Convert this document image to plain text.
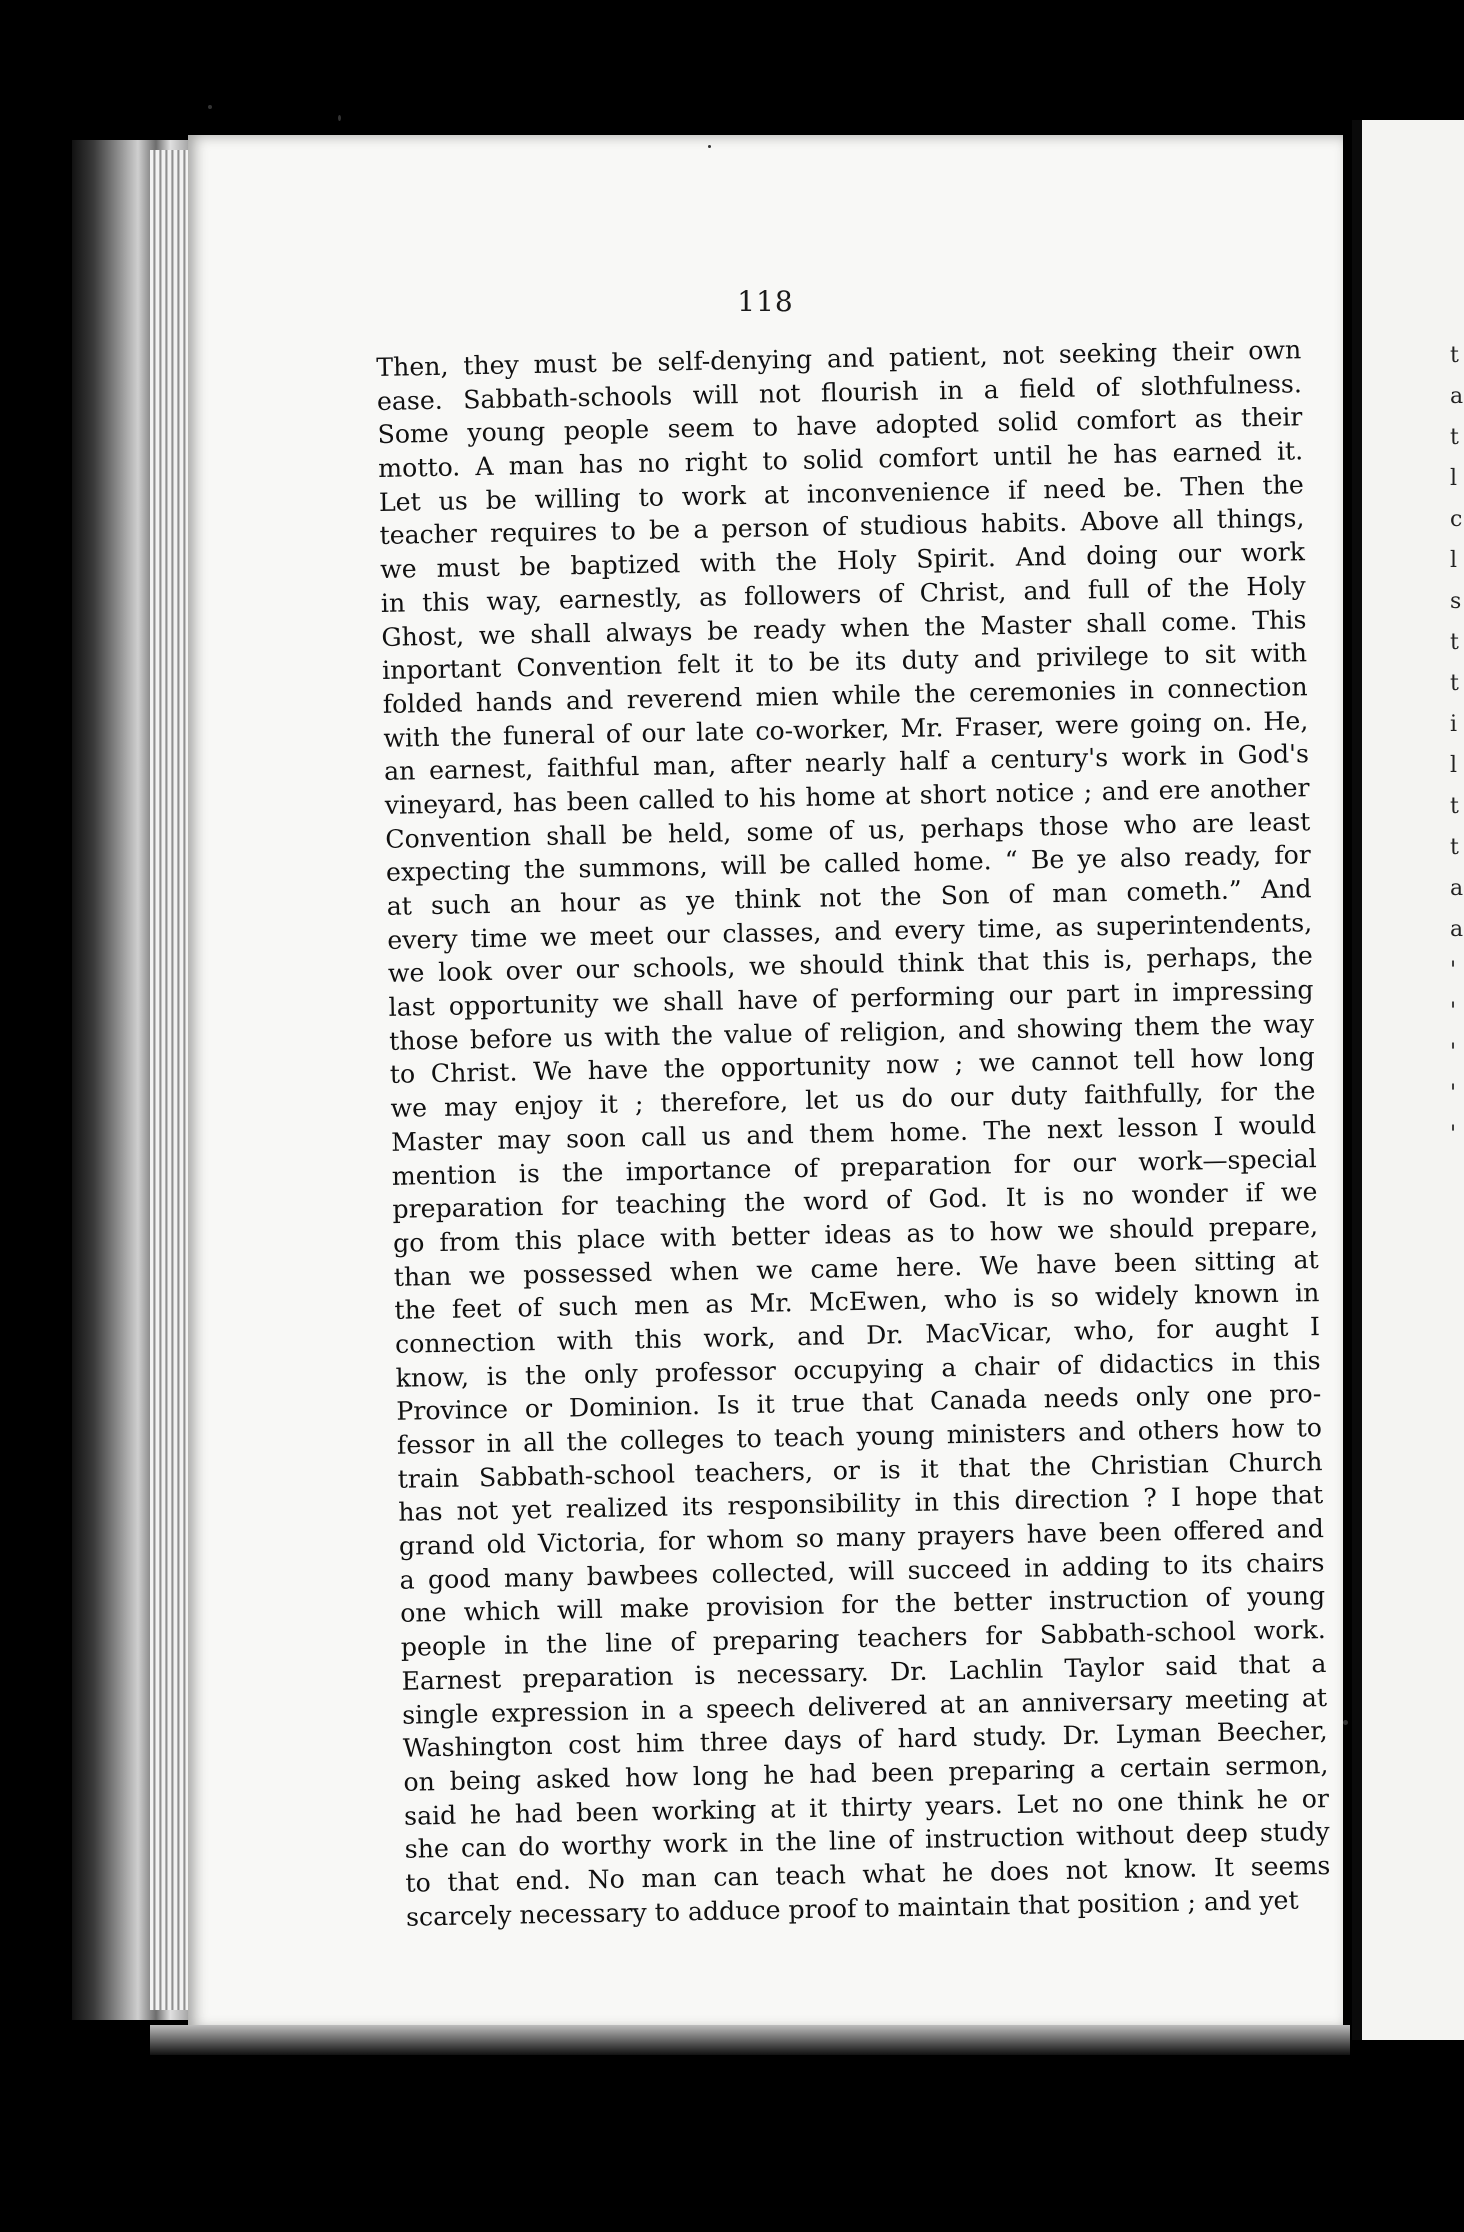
t
a
t
l
c
l
s
t
t
i
l
t
t
a
a
'
'
'
'
'
118
Then, they must be self-denying and patient, not seeking their own
ease. Sabbath-schools will not flourish in a field of slothfulness.
Some young people seem to have adopted solid comfort as their
motto. A man has no right to solid comfort until he has earned it.
Let us be willing to work at inconvenience if need be. Then the
teacher requires to be a person of studious habits. Above all things,
we must be baptized with the Holy Spirit. And doing our work
in this way, earnestly, as followers of Christ, and full of the Holy
Ghost, we shall always be ready when the Master shall come. This
inportant Convention felt it to be its duty and privilege to sit with
folded hands and reverend mien while the ceremonies in connection
with the funeral of our late co-worker, Mr. Fraser, were going on. He,
an earnest, faithful man, after nearly half a century's work in God's
vineyard, has been called to his home at short notice ; and ere another
Convention shall be held, some of us, perhaps those who are least
expecting the summons, will be called home. “ Be ye also ready, for
at such an hour as ye think not the Son of man cometh.” And
every time we meet our classes, and every time, as superintendents,
we look over our schools, we should think that this is, perhaps, the
last opportunity we shall have of performing our part in impressing
those before us with the value of religion, and showing them the way
to Christ. We have the opportunity now ; we cannot tell how long
we may enjoy it ; therefore, let us do our duty faithfully, for the
Master may soon call us and them home. The next lesson I would
mention is the importance of preparation for our work—special
preparation for teaching the word of God. It is no wonder if we
go from this place with better ideas as to how we should prepare,
than we possessed when we came here. We have been sitting at
the feet of such men as Mr. McEwen, who is so widely known in
connection with this work, and Dr. MacVicar, who, for aught I
know, is the only professor occupying a chair of didactics in this
Province or Dominion. Is it true that Canada needs only one pro-
fessor in all the colleges to teach young ministers and others how to
train Sabbath-school teachers, or is it that the Christian Church
has not yet realized its responsibility in this direction ? I hope that
grand old Victoria, for whom so many prayers have been offered and
a good many bawbees collected, will succeed in adding to its chairs
one which will make provision for the better instruction of young
people in the line of preparing teachers for Sabbath-school work.
Earnest preparation is necessary. Dr. Lachlin Taylor said that a
single expression in a speech delivered at an anniversary meeting at
Washington cost him three days of hard study. Dr. Lyman Beecher,
on being asked how long he had been preparing a certain sermon,
said he had been working at it thirty years. Let no one think he or
she can do worthy work in the line of instruction without deep study
to that end. No man can teach what he does not know. It seems
scarcely necessary to adduce proof to maintain that position ; and yet
